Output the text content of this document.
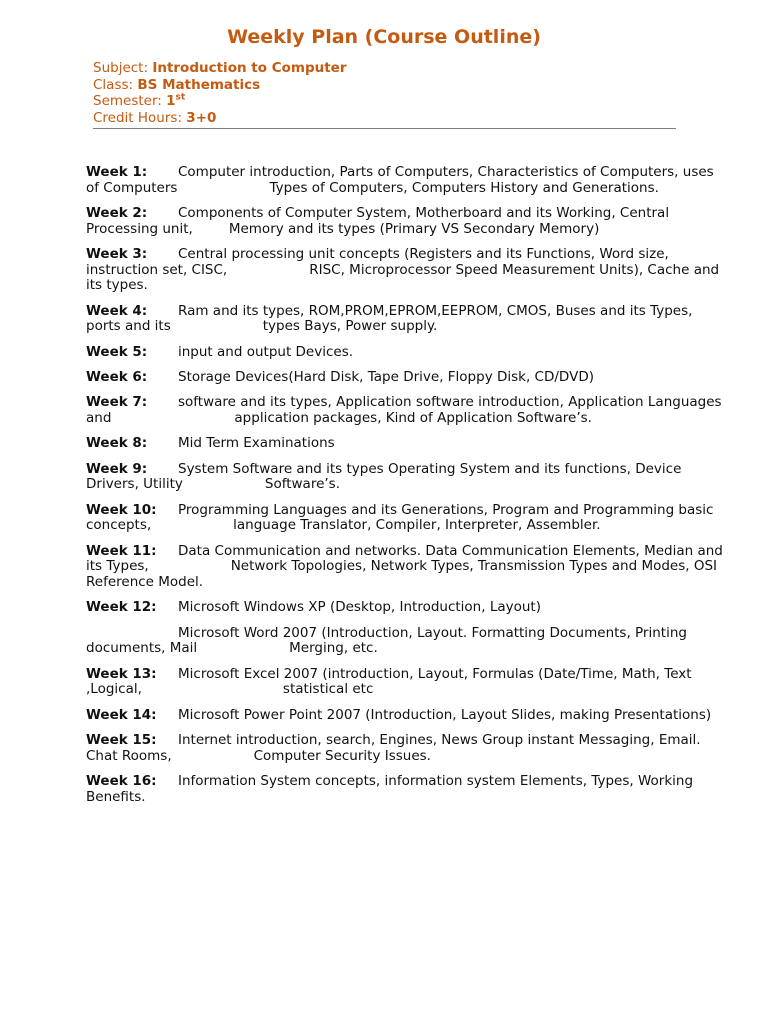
Weekly Plan (Course Outline)
Subject: Introduction to Computer
Class: BS Mathematics
Semester: 1st
Credit Hours: 3+0
Week 1: Computer introduction, Parts of Computers, Characteristics of Computers, uses of Computers	Types of Computers, Computers History and Generations.
Week 2: Components of Computer System, Motherboard and its Working, Central Processing unit,	Memory and its types (Primary VS Secondary Memory)
Week 3: Central processing unit concepts (Registers and its Functions, Word size, instruction set, CISC,	RISC, Microprocessor Speed Measurement Units), Cache and its types.
Week 4: Ram and its types, ROM,PROM,EPROM,EEPROM, CMOS, Buses and its Types, ports and its	types Bays, Power supply.
Week 5: input and output Devices.
Week 6: Storage Devices(Hard Disk, Tape Drive, Floppy Disk, CD/DVD)
Week 7: software and its types, Application software introduction, Application Languages and	application packages, Kind of Application Software’s.
Week 8: Mid Term Examinations
Week 9: System Software and its types Operating System and its functions, Device Drivers, Utility	Software’s.
Week 10: Programming Languages and its Generations, Program and Programming basic concepts,	language Translator, Compiler, Interpreter, Assembler.
Week 11: Data Communication and networks. Data Communication Elements, Median and its Types,	Network Topologies, Network Types, Transmission Types and Modes, OSI Reference Model.
Week 12: Microsoft Windows XP (Desktop, Introduction, Layout)
Microsoft Word 2007 (Introduction, Layout. Formatting Documents, Printing documents, Mail	Merging, etc.
Week 13: Microsoft Excel 2007 (introduction, Layout, Formulas (Date/Time, Math, Text ,Logical,	statistical etc
Week 14: Microsoft Power Point 2007 (Introduction, Layout Slides, making Presentations)
Week 15: Internet introduction, search, Engines, News Group instant Messaging, Email. Chat Rooms,	Computer Security Issues.
Week 16: Information System concepts, information system Elements, Types, Working Benefits.
